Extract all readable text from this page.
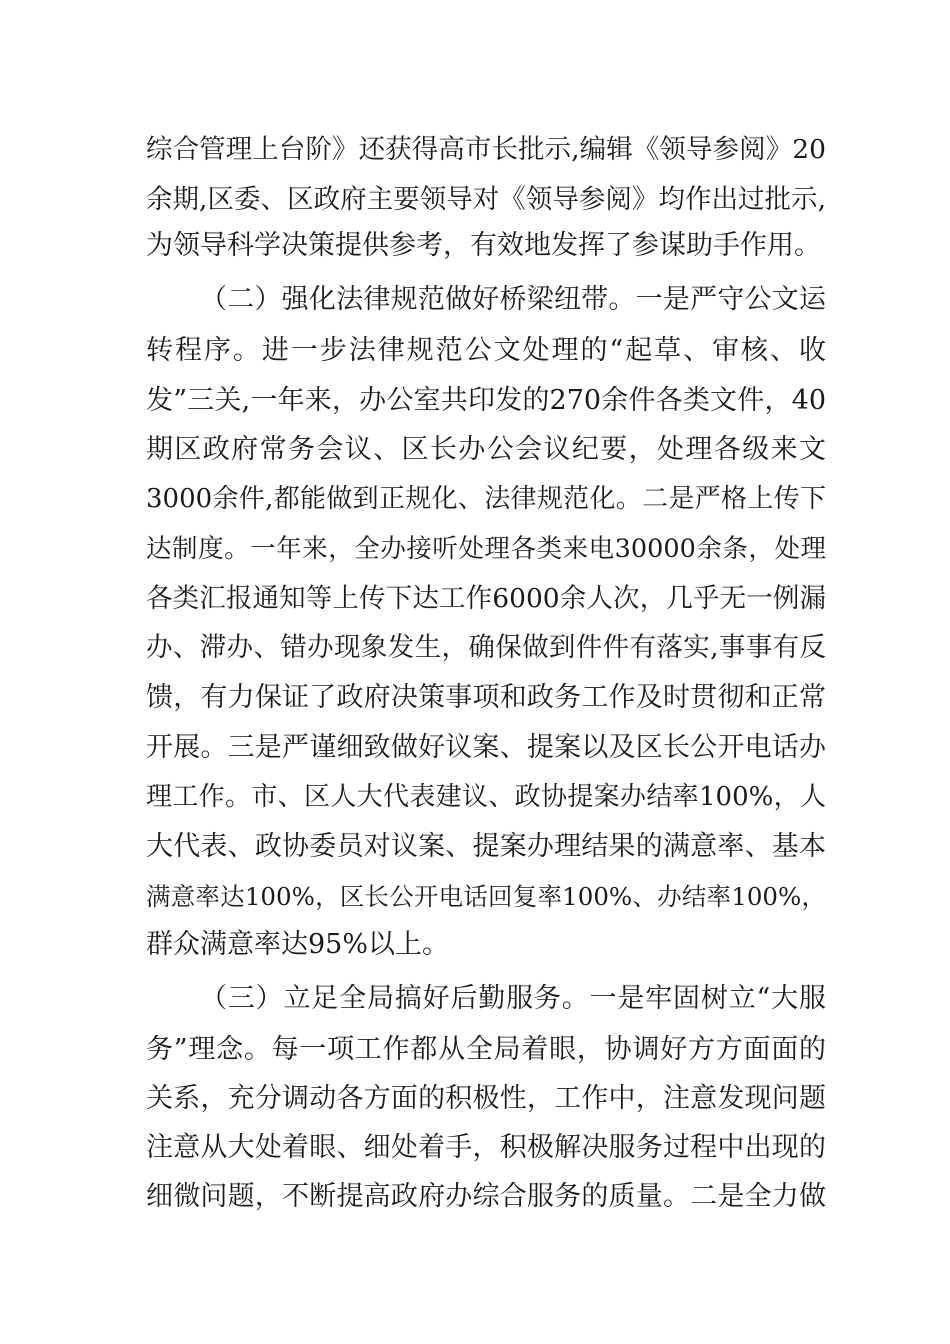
综合管理上台阶》还获得高市长批示,编辑《领导参阅》20
余期,区委、区政府主要领导对《领导参阅》均作出过批示,
为领导科学决策提供参考，有效地发挥了参谋助手作用。
（二）强化法律规范做好桥梁纽带。一是严守公文运
转程序。进一步法律规范公文处理的“起草、审核、收
发”三关,一年来，办公室共印发的270余件各类文件，40
期区政府常务会议、区长办公会议纪要，处理各级来文
3000余件,都能做到正规化、法律规范化。二是严格上传下
达制度。一年来，全办接听处理各类来电30000余条，处理
各类汇报通知等上传下达工作6000余人次，几乎无一例漏
办、滞办、错办现象发生，确保做到件件有落实,事事有反
馈，有力保证了政府决策事项和政务工作及时贯彻和正常
开展。三是严谨细致做好议案、提案以及区长公开电话办
理工作。市、区人大代表建议、政协提案办结率100%，人
大代表、政协委员对议案、提案办理结果的满意率、基本
满意率达100%，区长公开电话回复率100%、办结率100%，
群众满意率达95%以上。
（三）立足全局搞好后勤服务。一是牢固树立“大服
务”理念。每一项工作都从全局着眼，协调好方方面面的
关系，充分调动各方面的积极性，工作中，注意发现问题
注意从大处着眼、细处着手，积极解决服务过程中出现的
细微问题，不断提高政府办综合服务的质量。二是全力做
